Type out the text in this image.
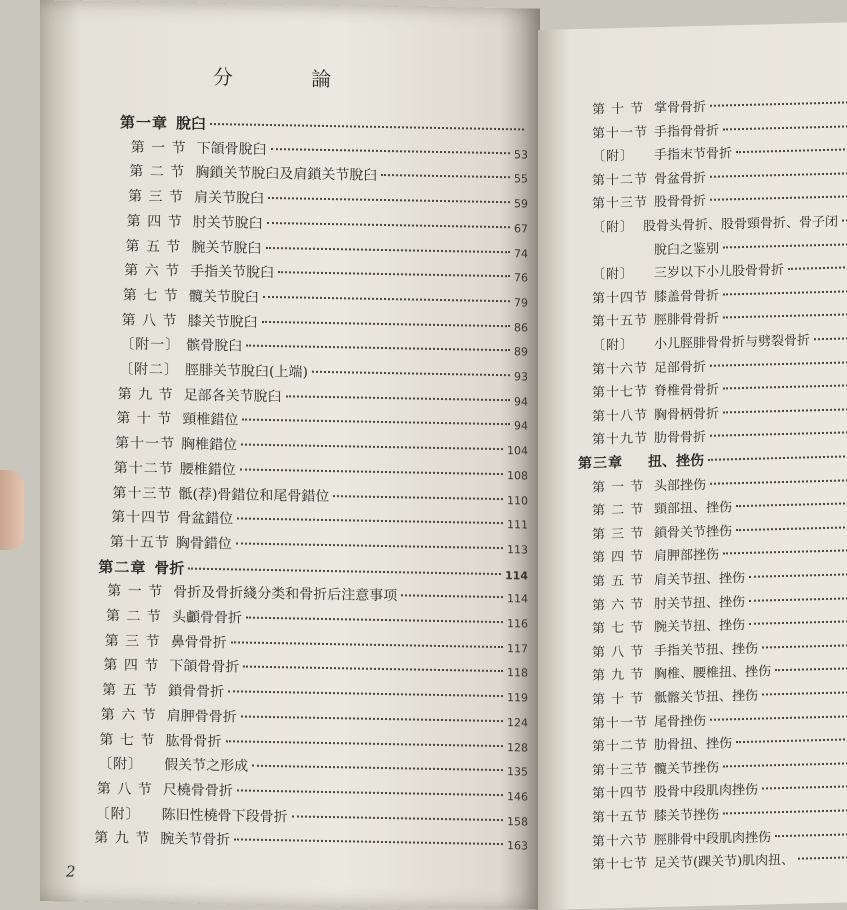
分 論
第一章 脫臼
第 一 节 下頜骨脫臼	53
第 二 节 胸鎖关节脫臼及肩鎖关节脫臼	55
第 三 节 肩关节脫臼	59
第 四 节 肘关节脫臼	67
第 五 节 腕关节脫臼	74
第 六 节 手指关节脫臼	76
第 七 节 髖关节脫臼	79
第 八 节 膝关节脫臼	86
〔附一〕 髌骨脫臼	89
〔附二〕 脛腓关节脫臼(上端)	93
第 九 节 足部各关节脫臼	94
第 十 节 頸椎錯位	94
第十一节 胸椎錯位	104
第十二节 腰椎錯位	108
第十三节 骶(荐)骨錯位和尾骨錯位	110
第十四节 骨盆錯位	111
第十五节 胸骨錯位	113
第二章 骨折	114
第 一 节 骨折及骨折綫分类和骨折后注意事项	114
第 二 节 头顱骨骨折	116
第 三 节 鼻骨骨折	117
第 四 节 下頜骨骨折	118
第 五 节 鎖骨骨折	119
第 六 节 肩胛骨骨折	124
第 七 节 肱骨骨折	128
〔附〕	假关节之形成	135
第 八 节 尺橈骨骨折	146
〔附〕	陈旧性橈骨下段骨折	158
第 九 节 腕关节骨折	163
2
第 十 节 掌骨骨折
第十一节 手指骨骨折
〔附〕	手指末节骨折
第十二节 骨盆骨折
第十三节 股骨骨折
〔附〕 股骨头骨折、股骨頸骨折、骨子闭
脫臼之鉴别
〔附〕	三岁以下小儿股骨骨折
第十四节 膝盖骨骨折
第十五节 脛腓骨骨折
〔附〕	小儿脛腓骨骨折与劈裂骨折
第十六节 足部骨折
第十七节 脊椎骨骨折
第十八节 胸骨柄骨折
第十九节 肋骨骨折
第三章	扭、挫伤
第 一 节 头部挫伤
第 二 节 頸部扭、挫伤
第 三 节 鎖骨关节挫伤
第 四 节 肩胛部挫伤
第 五 节 肩关节扭、挫伤
第 六 节 肘关节扭、挫伤
第 七 节 腕关节扭、挫伤
第 八 节 手指关节扭、挫伤
第 九 节 胸椎、腰椎扭、挫伤
第 十 节 骶髂关节扭、挫伤
第十一节 尾骨挫伤
第十二节 肋骨扭、挫伤
第十三节 髖关节挫伤
第十四节 股骨中段肌肉挫伤
第十五节 膝关节挫伤
第十六节 脛腓骨中段肌肉挫伤
第十七节 足关节(踝关节)肌肉扭、
